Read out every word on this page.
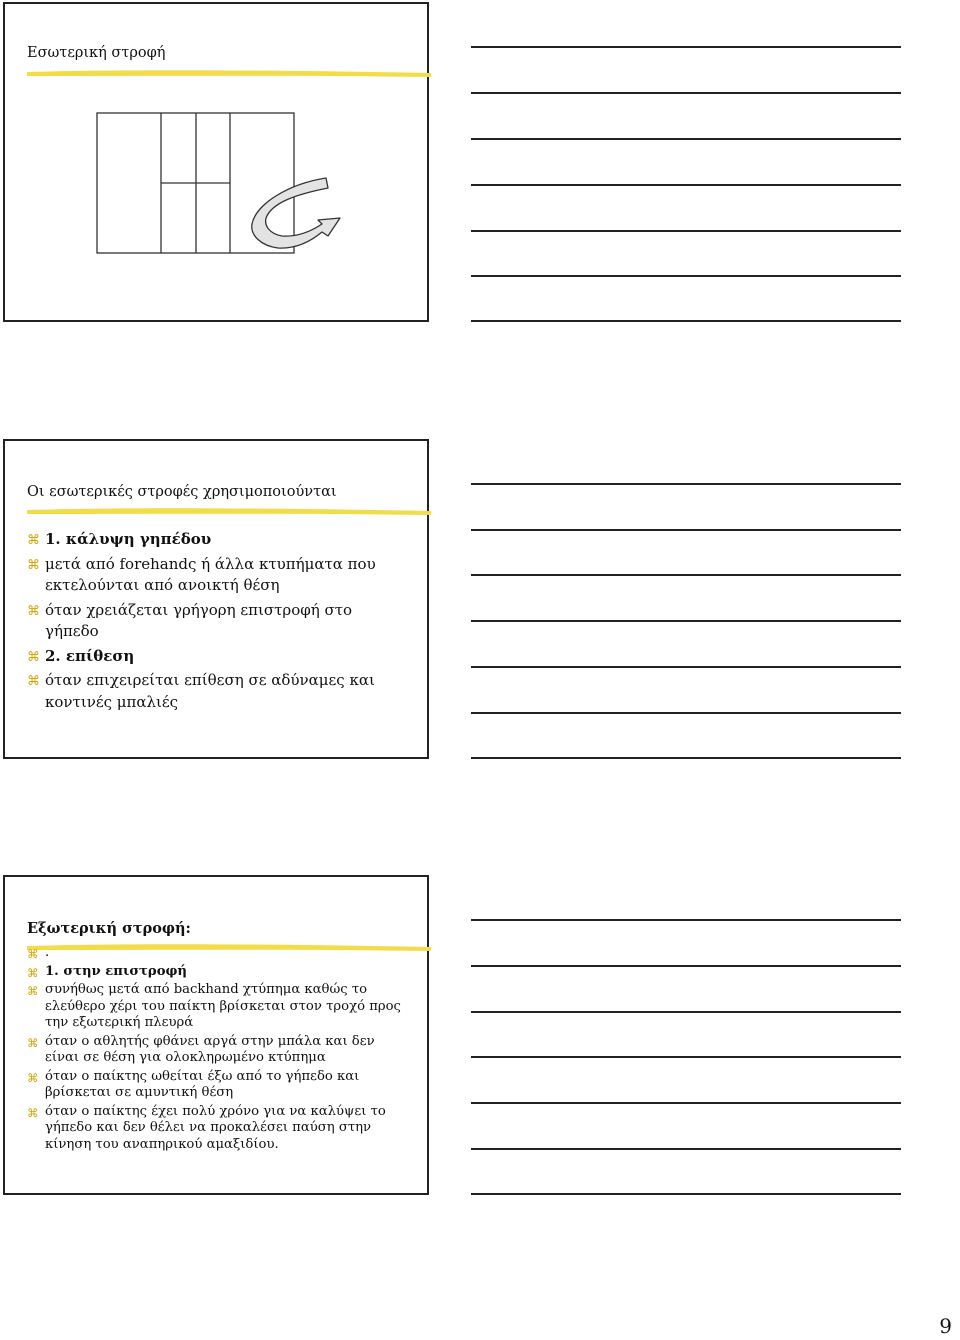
Εσωτερική στροφή
Οι εσωτερικές στροφές χρησιμοποιούνται
⌘ 1. κάλυψη γηπέδου
⌘ μετά από forehandς ή άλλα κτυπήματα που εκτελούνται από ανοικτή θέση
⌘ όταν χρειάζεται γρήγορη επιστροφή στο γήπεδο
⌘ 2. επίθεση
⌘ όταν επιχειρείται επίθεση σε αδύναμες και κοντινές μπαλιές
Εξωτερική στροφή:
⌘ .
⌘ 1. στην επιστροφή
⌘ συνήθως μετά από backhand χτύπημα καθώς το ελεύθερο χέρι του παίκτη βρίσκεται στον τροχό προς την εξωτερική πλευρά
⌘ όταν ο αθλητής φθάνει αργά στην μπάλα και δεν είναι σε θέση για ολοκληρωμένο κτύπημα
⌘ όταν ο παίκτης ωθείται έξω από το γήπεδο και βρίσκεται σε αμυντική θέση
⌘ όταν ο παίκτης έχει πολύ χρόνο για να καλύψει το γήπεδο και δεν θέλει να προκαλέσει παύση στην κίνηση του αναπηρικού αμαξιδίου.
9
